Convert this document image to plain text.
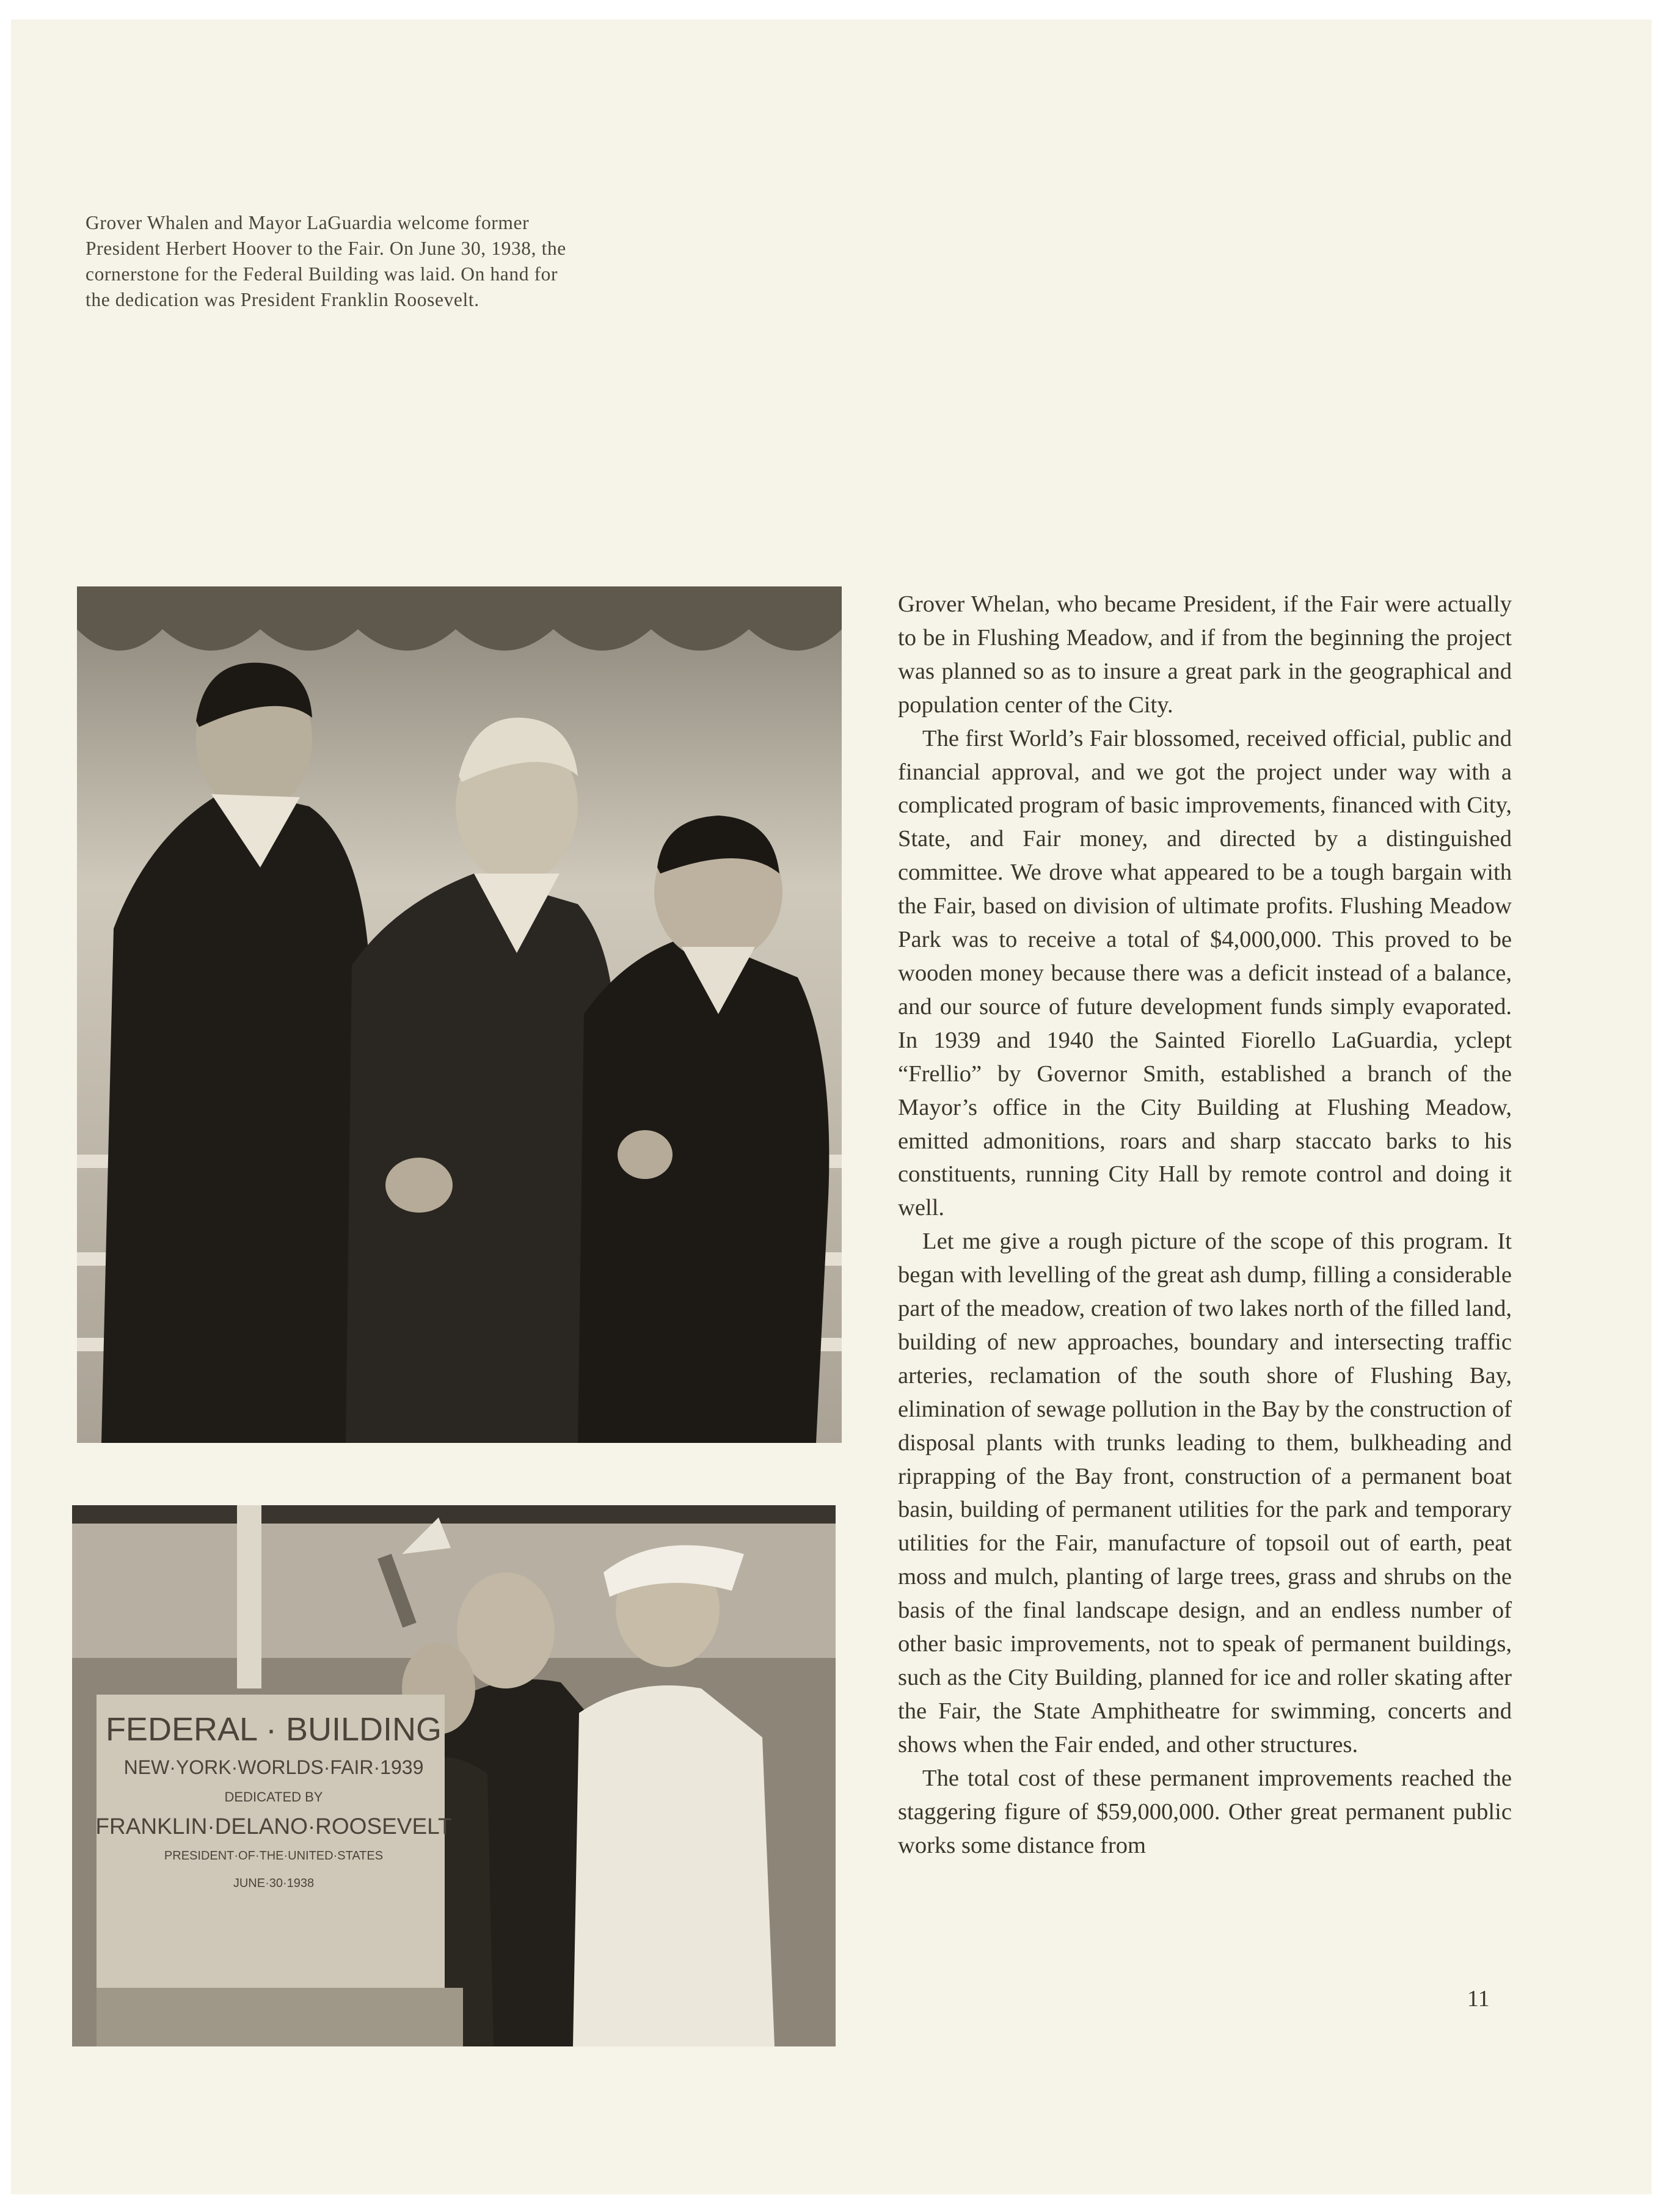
Grover Whalen and Mayor LaGuardia welcome former President Herbert Hoover to the Fair. On June 30, 1938, the cornerstone for the Federal Building was laid. On hand for the dedication was President Franklin Roosevelt.

FEDERAL · BUILDING
NEW·YORK·WORLDS·FAIR·1939
DEDICATED BY
FRANKLIN·DELANO·ROOSEVELT
PRESIDENT·OF·THE·UNITED·STATES
JUNE·30·1938

Grover Whelan, who became President, if the Fair were actually to be in Flushing Meadow, and if from the beginning the project was planned so as to insure a great park in the geographical and population center of the City.

The first World’s Fair blossomed, received official, public and financial approval, and we got the project under way with a complicated program of basic improvements, financed with City, State, and Fair money, and directed by a distinguished committee. We drove what appeared to be a tough bargain with the Fair, based on division of ultimate profits. Flushing Meadow Park was to receive a total of $4,000,000. This proved to be wooden money because there was a deficit instead of a balance, and our source of future development funds simply evaporated. In 1939 and 1940 the Sainted Fiorello LaGuardia, yclept “Frellio” by Governor Smith, established a branch of the Mayor’s office in the City Building at Flushing Meadow, emitted admonitions, roars and sharp staccato barks to his constituents, running City Hall by remote control and doing it well.

Let me give a rough picture of the scope of this program. It began with levelling of the great ash dump, filling a considerable part of the meadow, creation of two lakes north of the filled land, building of new approaches, boundary and intersecting traffic arteries, reclamation of the south shore of Flushing Bay, elimination of sewage pollution in the Bay by the construction of disposal plants with trunks leading to them, bulkheading and riprapping of the Bay front, construction of a permanent boat basin, building of permanent utilities for the park and temporary utilities for the Fair, manufacture of topsoil out of earth, peat moss and mulch, planting of large trees, grass and shrubs on the basis of the final landscape design, and an endless number of other basic improvements, not to speak of permanent buildings, such as the City Building, planned for ice and roller skating after the Fair, the State Amphitheatre for swimming, concerts and shows when the Fair ended, and other structures.

The total cost of these permanent improvements reached the staggering figure of $59,000,000. Other great permanent public works some distance from

11
